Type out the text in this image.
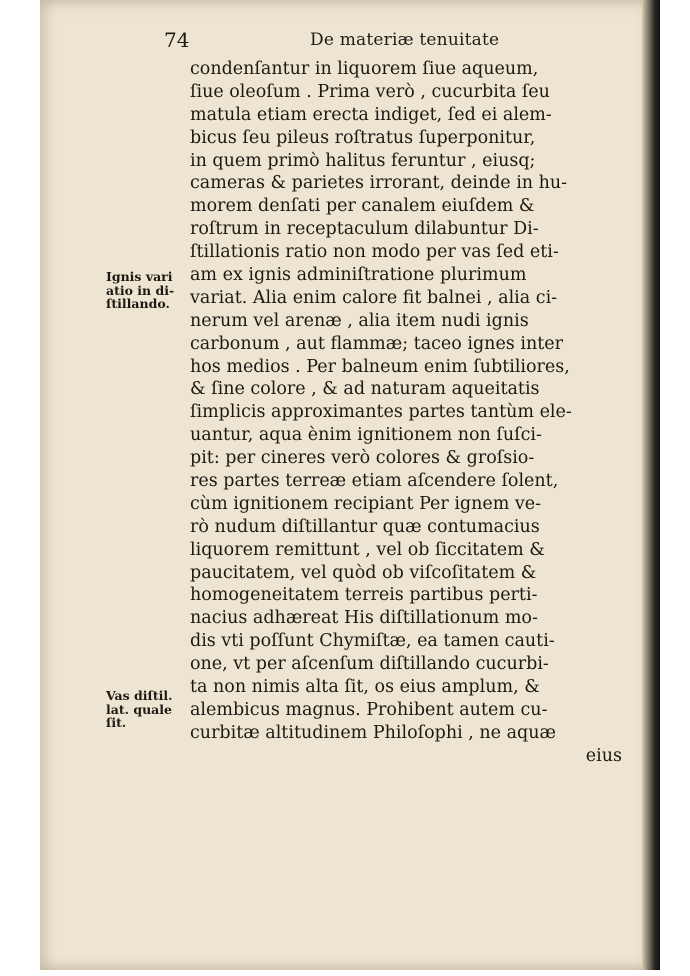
74	De materiæ tenuitate
Ignis vari
atio in di-
ſtillando.
Vas diſtil.
lat. quale
ſit.
condenſantur in liquorem ſiue aqueum,
ſiue oleoſum . Prima verò , cucurbita ſeu
matula etiam erecta indiget, ſed ei alem-
bicus ſeu pileus roſtratus ſuperponitur,
in quem primò halitus feruntur , eiusq;
cameras & parietes irrorant, deinde in hu-
morem denſati per canalem eiuſdem &
roſtrum in receptaculum dilabuntur Di-
ſtillationis ratio non modo per vas ſed eti-
am ex ignis adminiſtratione plurimum
variat. Alia enim calore fit balnei , alia ci-
nerum vel arenæ , alia item nudi ignis
carbonum , aut flammæ; taceo ignes inter
hos medios . Per balneum enim ſubtiliores,
& ſine colore , & ad naturam aqueitatis
ſimplicis approximantes partes tantùm ele-
uantur, aqua ènim ignitionem non ſuſci-
pit: per cineres verò colores & groſsio-
res partes terreæ etiam aſcendere ſolent,
cùm ignitionem recipiant Per ignem ve-
rò nudum diſtillantur quæ contumacius
liquorem remittunt , vel ob ſiccitatem &
paucitatem, vel quòd ob viſcoſitatem &
homogeneitatem terreis partibus perti-
nacius adhæreat His diſtillationum mo-
dis vti poſſunt Chymiſtæ, ea tamen cauti-
one, vt per aſcenſum diſtillando cucurbi-
ta non nimis alta ſit, os eius amplum, &
alembicus magnus. Prohibent autem cu-
curbitæ altitudinem Philoſophi , ne aquæ
eius
